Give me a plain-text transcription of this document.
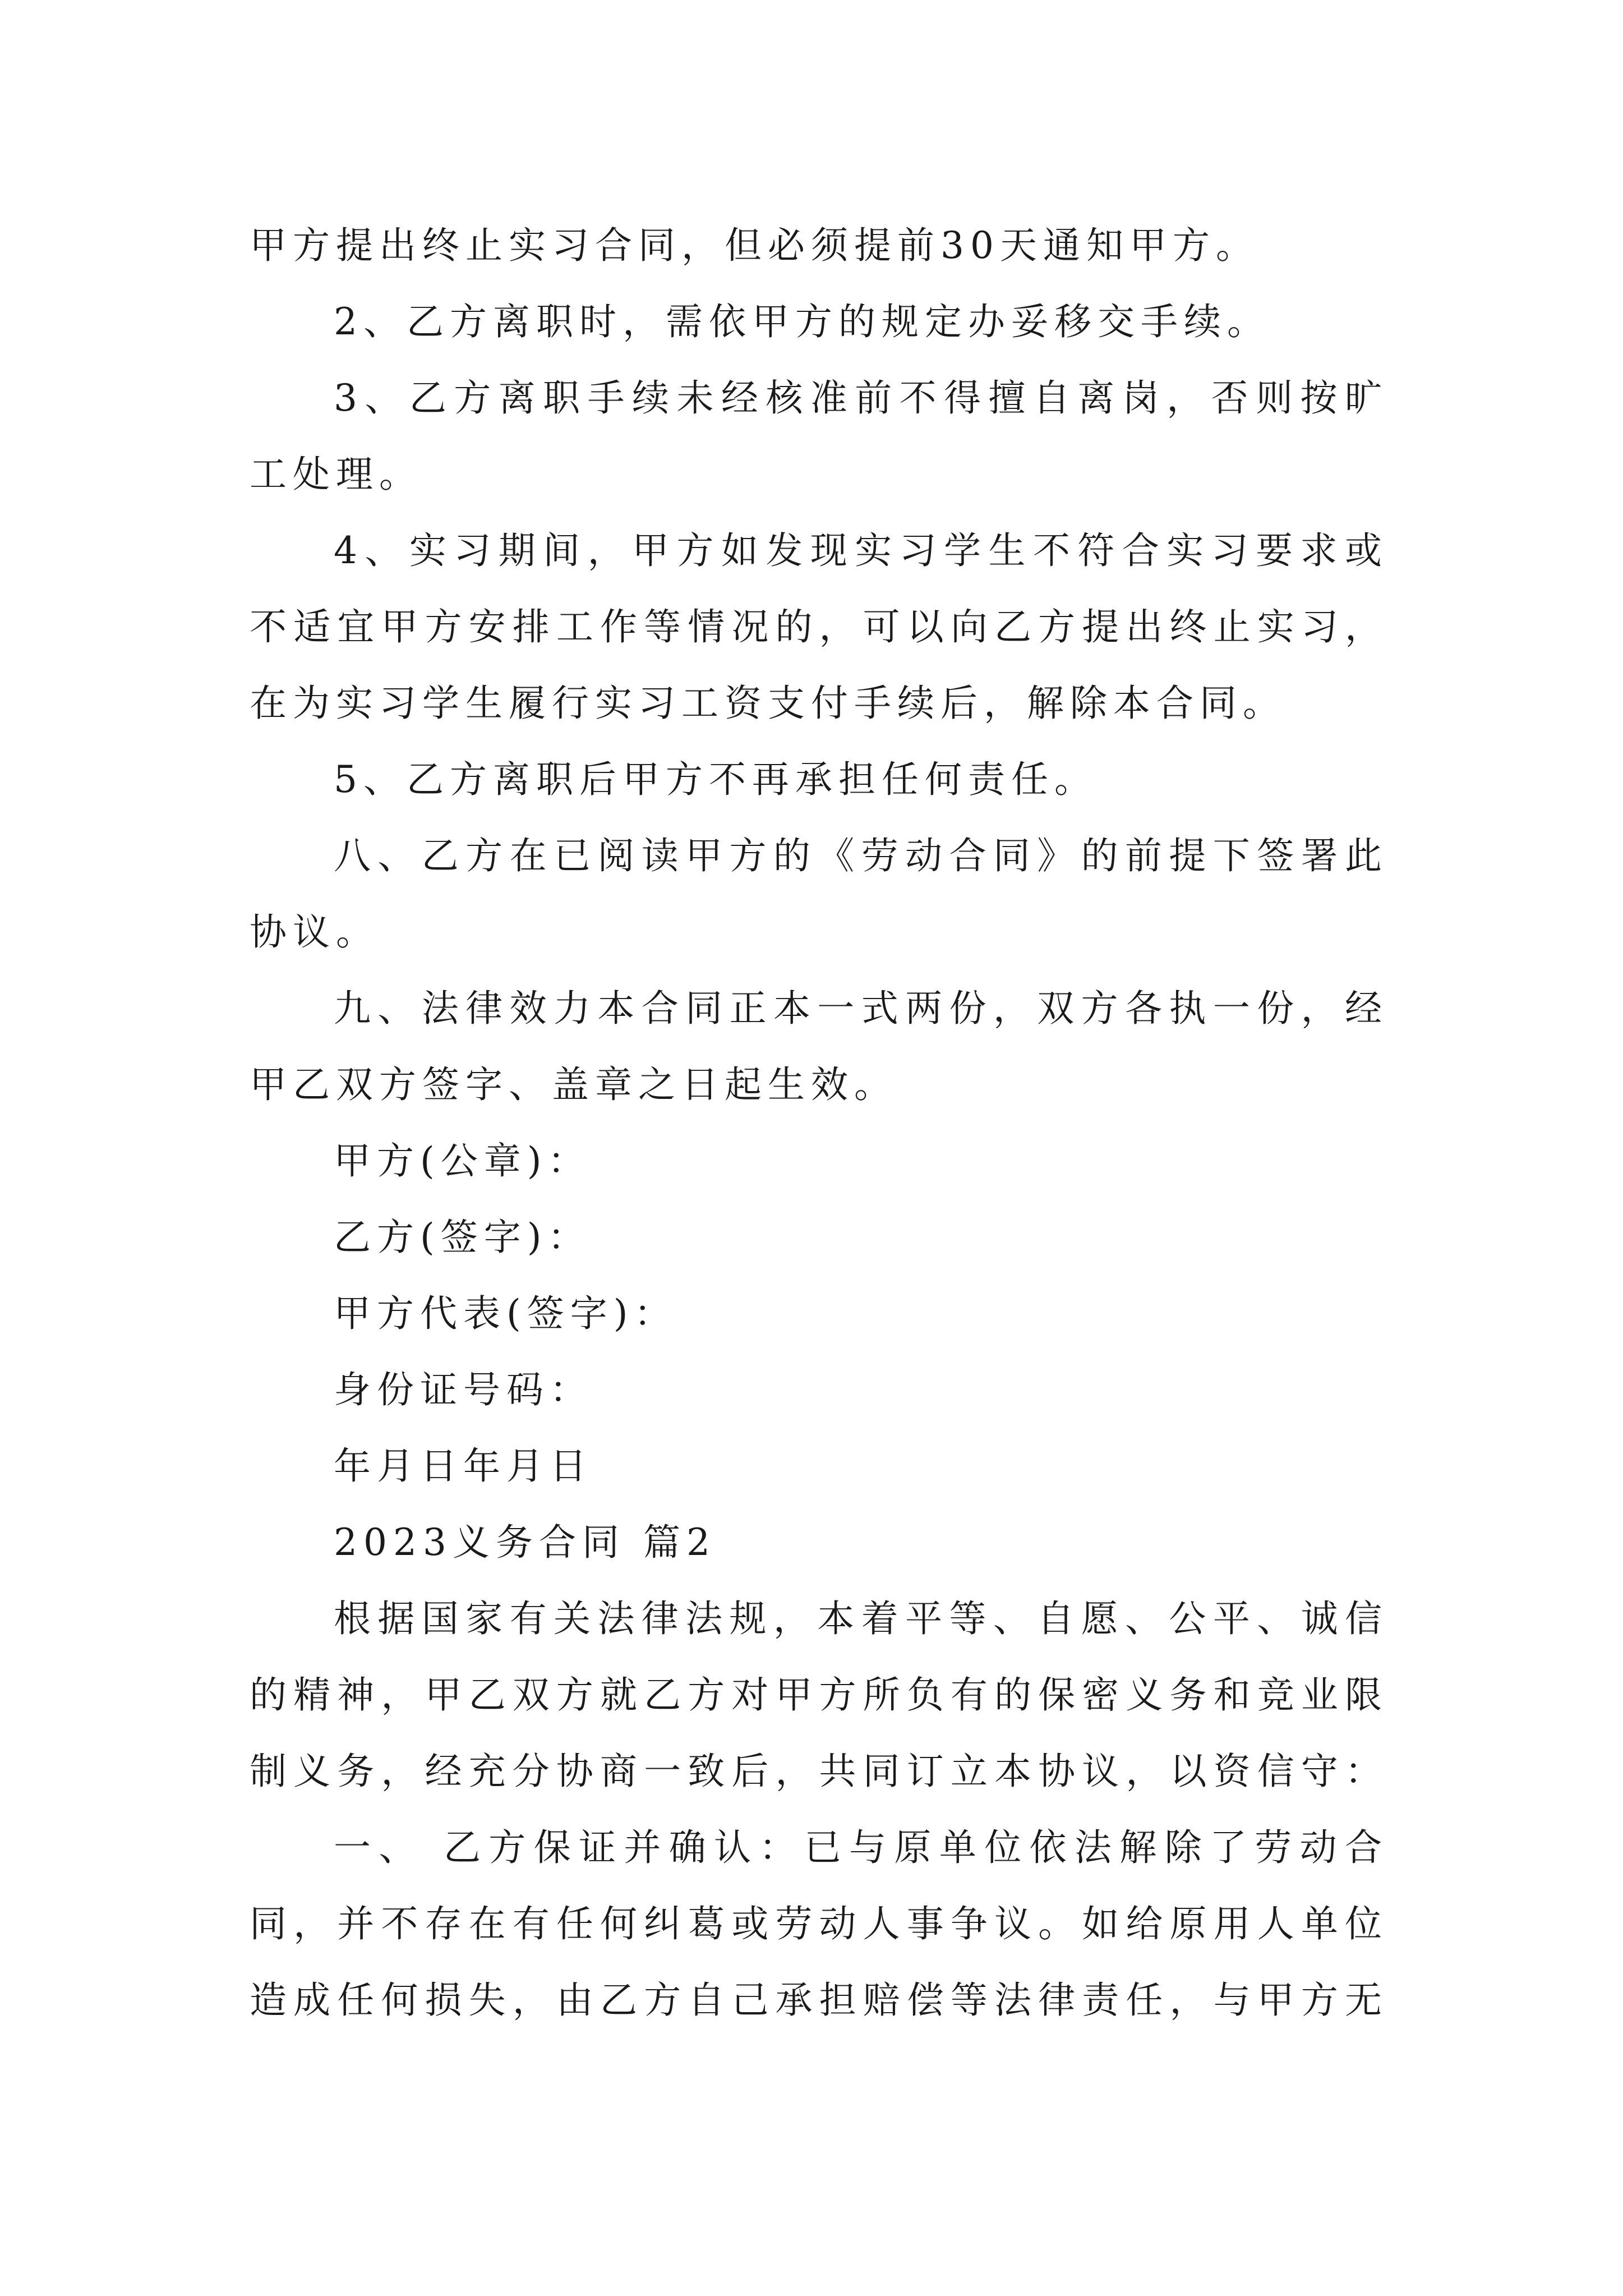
甲方提出终止实习合同，但必须提前30天通知甲方。
2、乙方离职时，需依甲方的规定办妥移交手续。
3、乙方离职手续未经核准前不得擅自离岗，否则按旷
工处理。
4、实习期间，甲方如发现实习学生不符合实习要求或
不适宜甲方安排工作等情况的，可以向乙方提出终止实习，
在为实习学生履行实习工资支付手续后，解除本合同。
5、乙方离职后甲方不再承担任何责任。
八、乙方在已阅读甲方的《劳动合同》的前提下签署此
协议。
九、法律效力本合同正本一式两份，双方各执一份，经
甲乙双方签字、盖章之日起生效。
甲方(公章)：
乙方(签字)：
甲方代表(签字)：
身份证号码：
年月日年月日
2023义务合同 篇2
根据国家有关法律法规，本着平等、自愿、公平、诚信
的精神，甲乙双方就乙方对甲方所负有的保密义务和竞业限
制义务，经充分协商一致后，共同订立本协议，以资信守：
一、 乙方保证并确认：已与原单位依法解除了劳动合
同，并不存在有任何纠葛或劳动人事争议。如给原用人单位
造成任何损失，由乙方自己承担赔偿等法律责任，与甲方无
